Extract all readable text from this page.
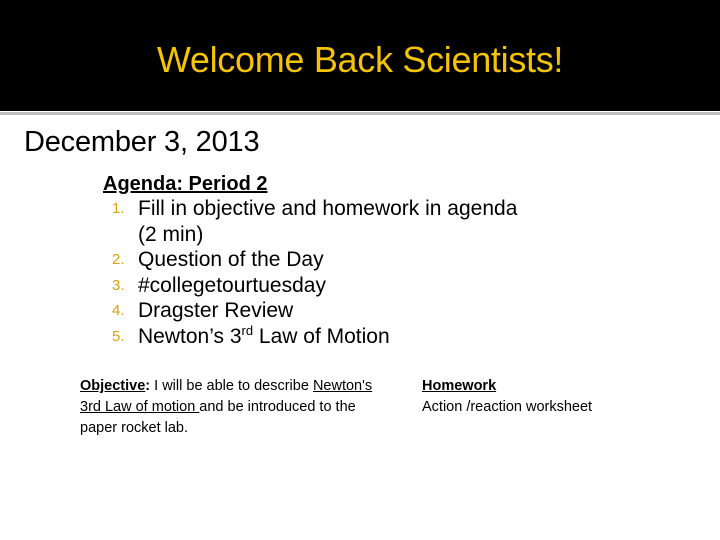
Welcome Back Scientists!
December 3, 2013
Agenda: Period 2
1. Fill in objective and homework in agenda (2 min)
2. Question of the Day
3. #collegetourtuesday
4. Dragster Review
5. Newton’s 3rd Law of Motion
Objective: I will be able to describe Newton's 3rd Law of motion and be introduced to the paper rocket lab.
Homework
Action /reaction worksheet
